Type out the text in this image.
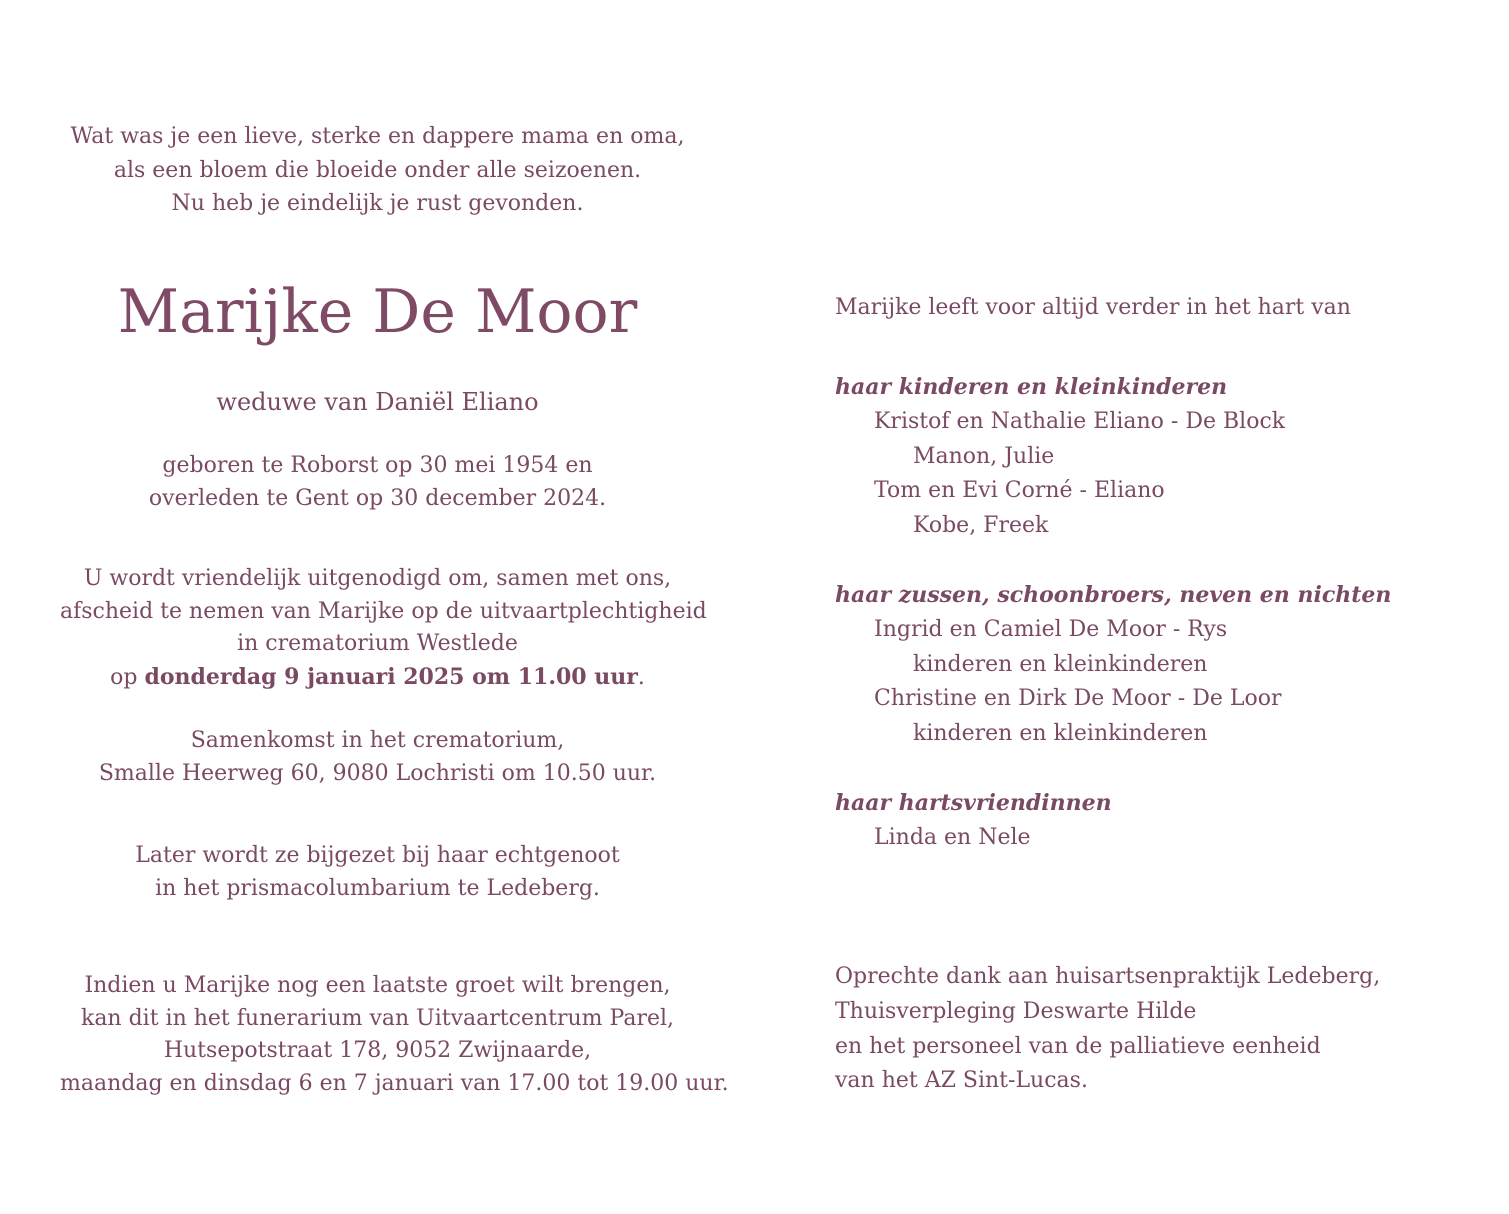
Wat was je een lieve, sterke en dappere mama en oma,
als een bloem die bloeide onder alle seizoenen.
Nu heb je eindelijk je rust gevonden.
Marijke De Moor
weduwe van Daniël Eliano
geboren te Roborst op 30 mei 1954 en
overleden te Gent op 30 december 2024.
U wordt vriendelijk uitgenodigd om, samen met ons,
afscheid te nemen van Marijke op de uitvaartplechtigheid
in crematorium Westlede
op donderdag 9 januari 2025 om 11.00 uur.
Samenkomst in het crematorium,
Smalle Heerweg 60, 9080 Lochristi om 10.50 uur.
Later wordt ze bijgezet bij haar echtgenoot
in het prismacolumbarium te Ledeberg.
Indien u Marijke nog een laatste groet wilt brengen,
kan dit in het funerarium van Uitvaartcentrum Parel,
Hutsepotstraat 178, 9052 Zwijnaarde,
maandag en dinsdag 6 en 7 januari van 17.00 tot 19.00 uur.
Marijke leeft voor altijd verder in het hart van
haar kinderen en kleinkinderen
Kristof en Nathalie Eliano - De Block
Manon, Julie
Tom en Evi Corné - Eliano
Kobe, Freek
haar zussen, schoonbroers, neven en nichten
Ingrid en Camiel De Moor - Rys
kinderen en kleinkinderen
Christine en Dirk De Moor - De Loor
kinderen en kleinkinderen
haar hartsvriendinnen
Linda en Nele
Oprechte dank aan huisartsenpraktijk Ledeberg,
Thuisverpleging Deswarte Hilde
en het personeel van de palliatieve eenheid
van het AZ Sint-Lucas.
